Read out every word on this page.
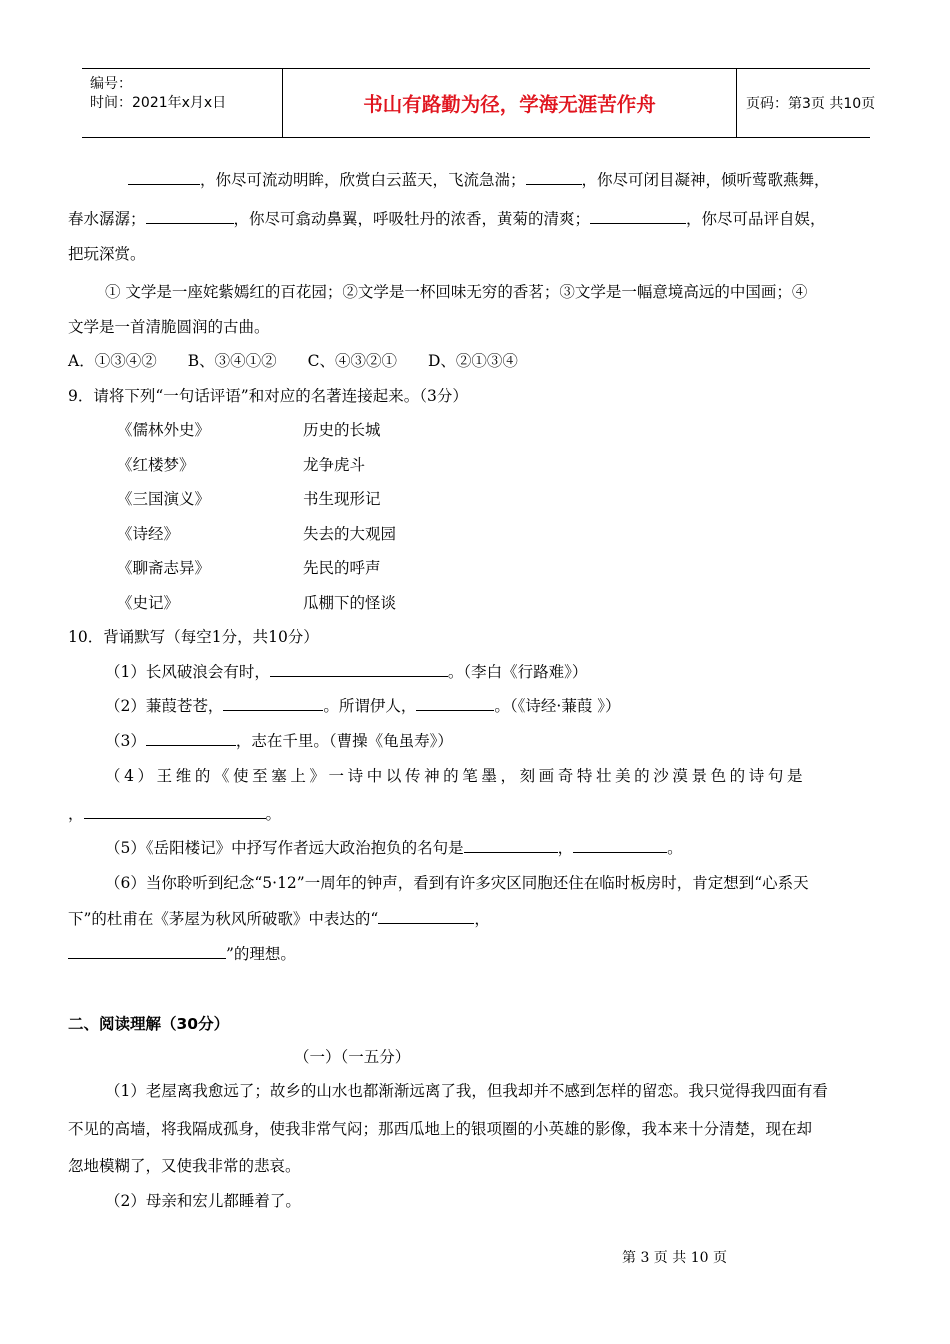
编号：
时间：2021年x月x日	书山有路勤为径，学海无涯苦作舟	页码：第3页 共10页
，你尽可流动明眸，欣赏白云蓝天，飞流急湍；	，你尽可闭目凝神，倾听莺歌燕舞，
春水潺潺；	，你尽可翕动鼻翼，呼吸牡丹的浓香，黄菊的清爽；	，你尽可品评自娱，
把玩深赏。
① 文学是一座姹紫嫣红的百花园；②文学是一杯回味无穷的香茗；③文学是一幅意境高远的中国画；④
文学是一首清脆圆润的古曲。
A．①③④②　　B、③④①②　　C、④③②①　　D、②①③④
9．请将下列“一句话评语”和对应的名著连接起来。（3分）
《儒林外史》	历史的长城
《红楼梦》	龙争虎斗
《三国演义》	书生现形记
《诗经》	失去的大观园
《聊斋志异》	先民的呼声
《史记》	瓜棚下的怪谈
10．背诵默写（每空1分，共10分）
（1）长风破浪会有时，	。（李白《行路难》）
（2）蒹葭苍苍，	。所谓伊人，	。（《诗经·蒹葭 》）
（3）	，志在千里。（曹操《龟虽寿》）
（4）王维的《使至塞上》一诗中以传神的笔墨，刻画奇特壮美的沙漠景色的诗句是
，	。
（5）《岳阳楼记》中抒写作者远大政治抱负的名句是	，	。
（6）当你聆听到纪念“5·12”一周年的钟声，看到有许多灾区同胞还住在临时板房时，肯定想到“心系天
下”的杜甫在《茅屋为秋风所破歌》中表达的“	，
”的理想。
二、阅读理解（30分）
（一）（一五分）
（1）老屋离我愈远了；故乡的山水也都渐渐远离了我，但我却并不感到怎样的留恋。我只觉得我四面有看
不见的高墙，将我隔成孤身，使我非常气闷；那西瓜地上的银项圈的小英雄的影像，我本来十分清楚，现在却
忽地模糊了，又使我非常的悲哀。
（2）母亲和宏儿都睡着了。
第 3 页 共 10 页
